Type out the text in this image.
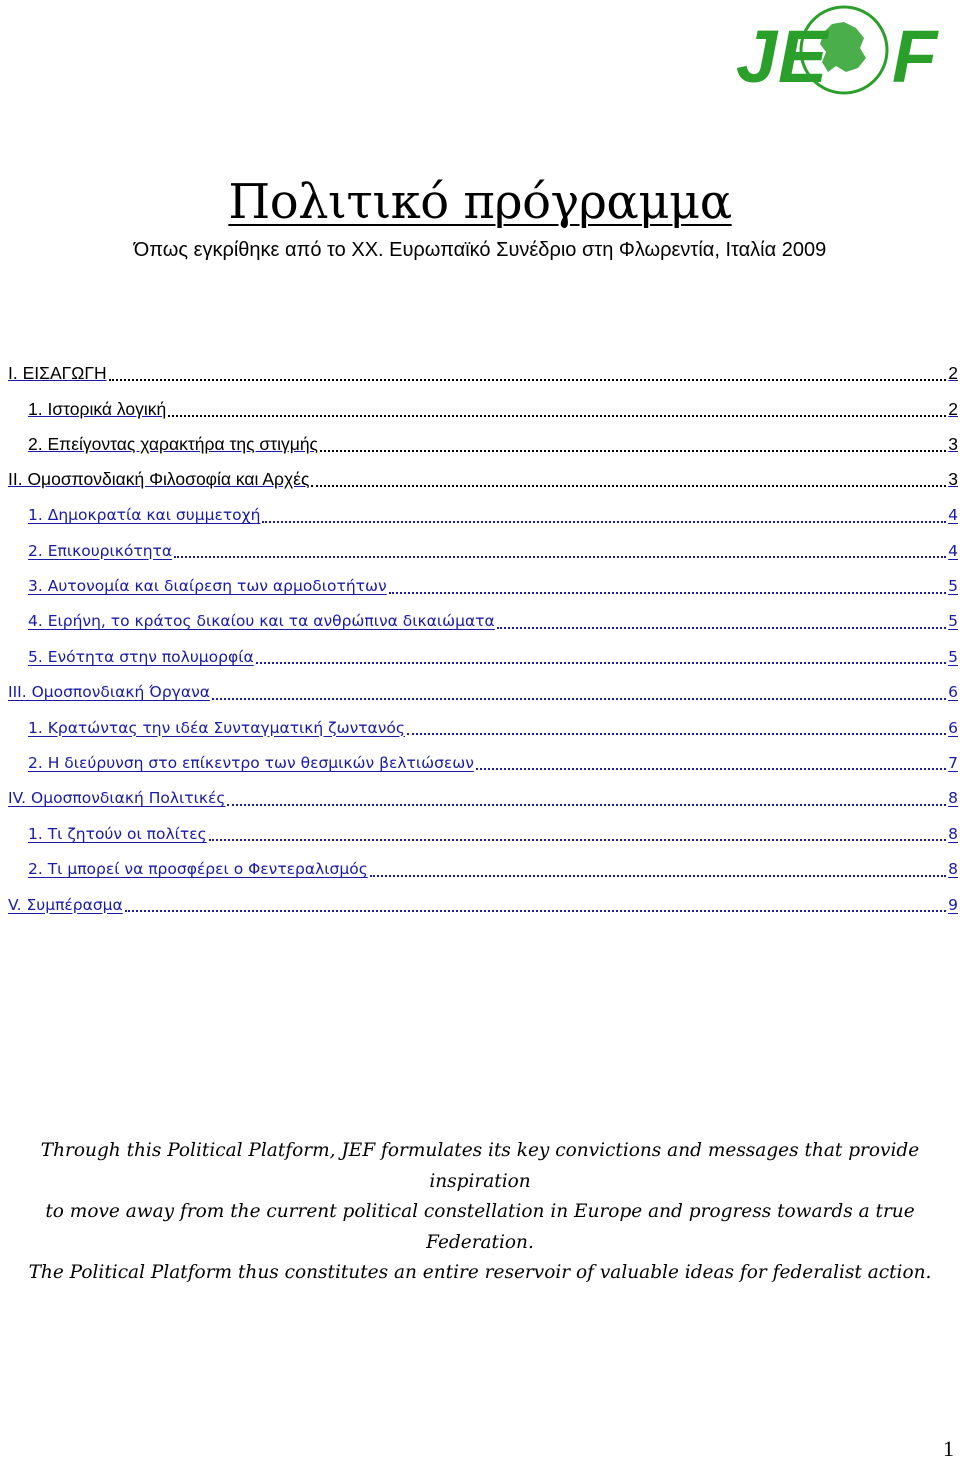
J E F
Πολιτικό πρόγραμμα
Όπως εγκρίθηκε από το XX. Ευρωπαϊκό Συνέδριο στη Φλωρεντία, Ιταλία 2009
I. ΕΙΣΑΓΩΓΗ	2
1. Ιστορικά λογική	2
2. Επείγοντας χαρακτήρα της στιγμής	3
II. Ομοσπονδιακή Φιλοσοφία και Αρχές	3
1. Δημοκρατία και συμμετοχή	4
2. Επικουρικότητα	4
3. Αυτονομία και διαίρεση των αρμοδιοτήτων	5
4. Ειρήνη, το κράτος δικαίου και τα ανθρώπινα δικαιώματα	5
5. Ενότητα στην πολυμορφία	5
III. Ομοσπονδιακή Όργανα	6
1. Κρατώντας την ιδέα Συνταγματική ζωντανός	6
2. Η διεύρυνση στο επίκεντρο των θεσμικών βελτιώσεων	7
IV. Ομοσπονδιακή Πολιτικές	8
1. Τι ζητούν οι πολίτες	8
2. Τι μπορεί να προσφέρει ο Φεντεραλισμός	8
V. Συμπέρασμα	9
Through this Political Platform, JEF formulates its key convictions and messages that provide inspiration
to move away from the current political constellation in Europe and progress towards a true Federation.
The Political Platform thus constitutes an entire reservoir of valuable ideas for federalist action.
1
